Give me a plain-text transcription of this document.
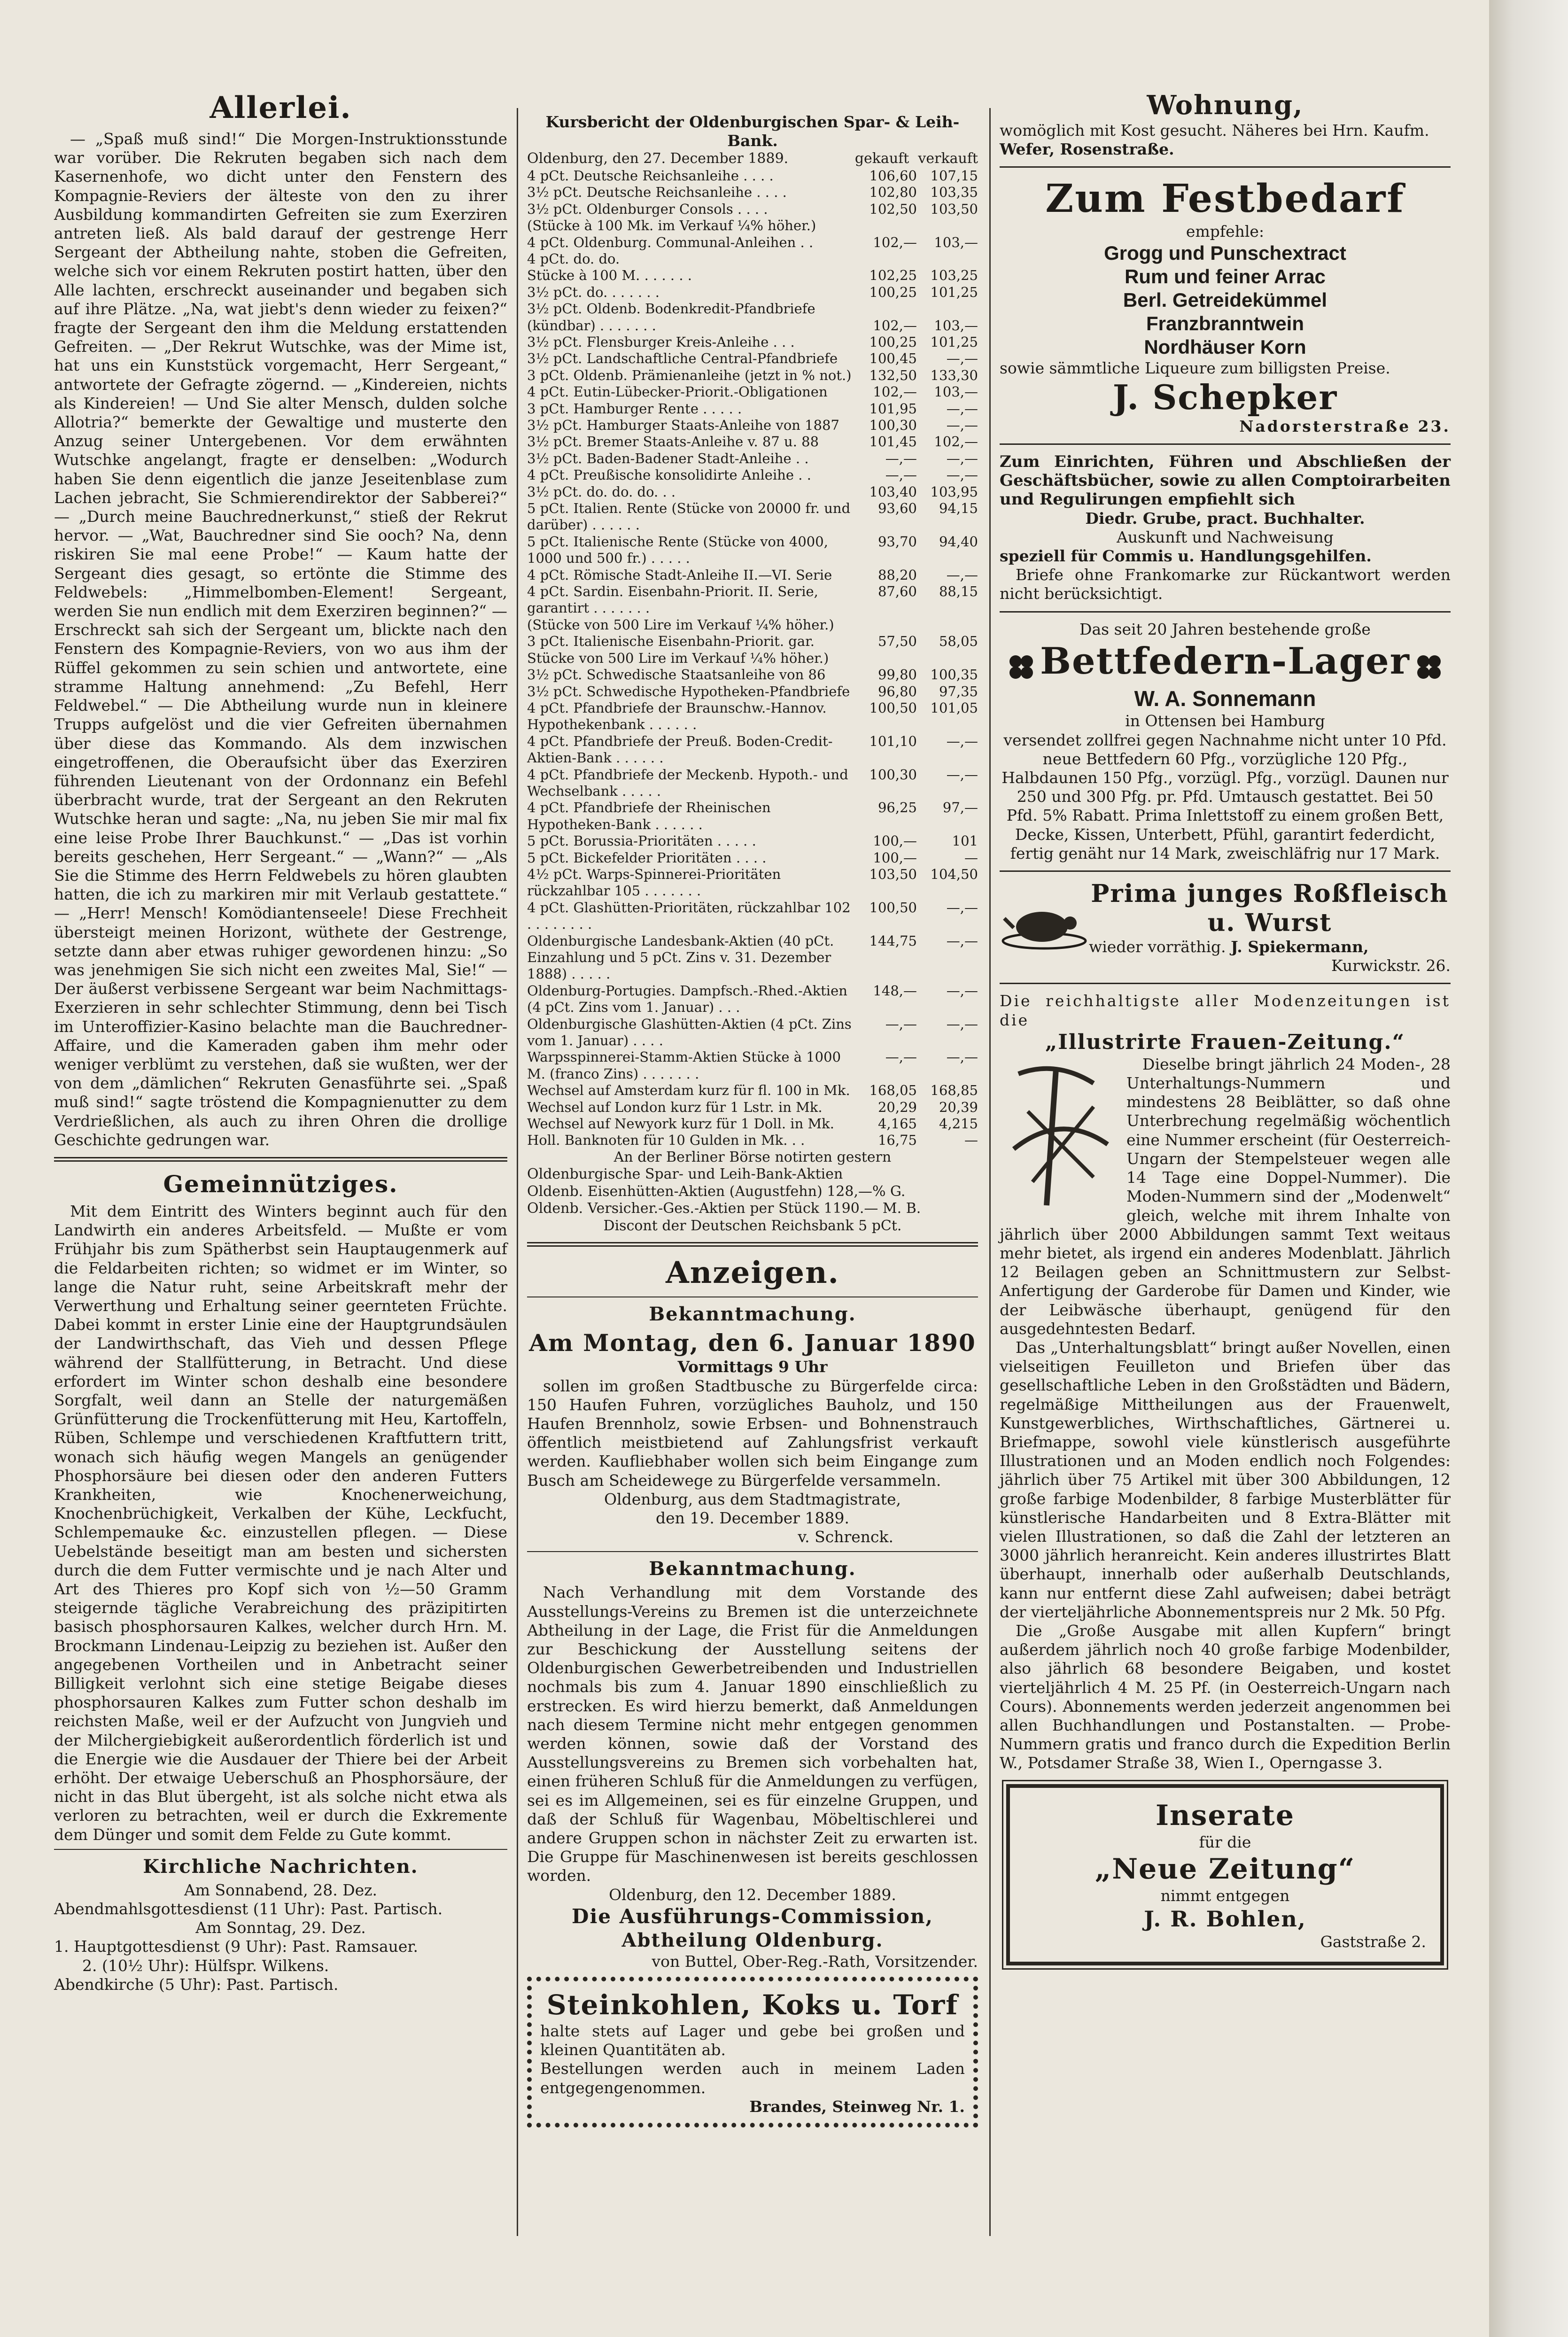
Allerlei.

— „Spaß muß sind!“ Die Morgen-Instruktionsstunde war vorüber. Die Rekruten begaben sich nach dem Kasernenhofe, wo dicht unter den Fenstern des Kompagnie-Reviers der älteste von den zu ihrer Ausbildung kommandirten Gefreiten sie zum Exerziren antreten ließ. Als bald darauf der gestrenge Herr Sergeant der Abtheilung nahte, stoben die Gefreiten, welche sich vor einem Rekruten postirt hatten, über den Alle lachten, erschreckt auseinander und begaben sich auf ihre Plätze. „Na, wat jiebt's denn wieder zu feixen?“ fragte der Sergeant den ihm die Meldung erstattenden Gefreiten. — „Der Rekrut Wutschke, was der Mime ist, hat uns ein Kunststück vorgemacht, Herr Sergeant,“ antwortete der Gefragte zögernd. — „Kindereien, nichts als Kindereien! — Und Sie alter Mensch, dulden solche Allotria?“ bemerkte der Gewaltige und musterte den Anzug seiner Untergebenen. Vor dem erwähnten Wutschke angelangt, fragte er denselben: „Wodurch haben Sie denn eigentlich die janze Jeseitenblase zum Lachen jebracht, Sie Schmierendirektor der Sabberei?“ — „Durch meine Bauchrednerkunst,“ stieß der Rekrut hervor. — „Wat, Bauchredner sind Sie ooch? Na, denn riskiren Sie mal eene Probe!“ — Kaum hatte der Sergeant dies gesagt, so ertönte die Stimme des Feldwebels: „Himmelbomben-Element! Sergeant, werden Sie nun endlich mit dem Exerziren beginnen?“ — Erschreckt sah sich der Sergeant um, blickte nach den Fenstern des Kompagnie-Reviers, von wo aus ihm der Rüffel gekommen zu sein schien und antwortete, eine stramme Haltung annehmend: „Zu Befehl, Herr Feldwebel.“ — Die Abtheilung wurde nun in kleinere Trupps aufgelöst und die vier Gefreiten übernahmen über diese das Kommando. Als dem inzwischen eingetroffenen, die Oberaufsicht über das Exerziren führenden Lieutenant von der Ordonnanz ein Befehl überbracht wurde, trat der Sergeant an den Rekruten Wutschke heran und sagte: „Na, nu jeben Sie mir mal fix eine leise Probe Ihrer Bauchkunst.“ — „Das ist vorhin bereits geschehen, Herr Sergeant.“ — „Wann?“ — „Als Sie die Stimme des Herrn Feldwebels zu hören glaubten hatten, die ich zu markiren mir mit Verlaub gestattete.“ — „Herr! Mensch! Komödiantenseele! Diese Frechheit übersteigt meinen Horizont, wüthete der Gestrenge, setzte dann aber etwas ruhiger gewordenen hinzu: „So was jenehmigen Sie sich nicht een zweites Mal, Sie!“ — Der äußerst verbissene Sergeant war beim Nachmittags-Exerzieren in sehr schlechter Stimmung, denn bei Tisch im Unteroffizier-Kasino belachte man die Bauchredner-Affaire, und die Kameraden gaben ihm mehr oder weniger verblümt zu verstehen, daß sie wußten, wer der von dem „dämlichen“ Rekruten Genasführte sei. „Spaß muß sind!“ sagte tröstend die Kompagnienutter zu dem Verdrießlichen, als auch zu ihren Ohren die drollige Geschichte gedrungen war.

Gemeinnütziges.

Mit dem Eintritt des Winters beginnt auch für den Landwirth ein anderes Arbeitsfeld. — Mußte er vom Frühjahr bis zum Spätherbst sein Hauptaugenmerk auf die Feldarbeiten richten; so widmet er im Winter, so lange die Natur ruht, seine Arbeitskraft mehr der Verwerthung und Erhaltung seiner geernteten Früchte. Dabei kommt in erster Linie eine der Hauptgrundsäulen der Landwirthschaft, das Vieh und dessen Pflege während der Stallfütterung, in Betracht. Und diese erfordert im Winter schon deshalb eine besondere Sorgfalt, weil dann an Stelle der naturgemäßen Grünfütterung die Trockenfütterung mit Heu, Kartoffeln, Rüben, Schlempe und verschiedenen Kraftfuttern tritt, wonach sich häufig wegen Mangels an genügender Phosphorsäure bei diesen oder den anderen Futters Krankheiten, wie Knochenerweichung, Knochenbrüchigkeit, Verkalben der Kühe, Leckfucht, Schlempemauke &c. einzustellen pflegen. — Diese Uebelstände beseitigt man am besten und sichersten durch die dem Futter vermischte und je nach Alter und Art des Thieres pro Kopf sich von ½—50 Gramm steigernde tägliche Verabreichung des präzipitirten basisch phosphorsauren Kalkes, welcher durch Hrn. M. Brockmann Lindenau-Leipzig zu beziehen ist. Außer den angegebenen Vortheilen und in Anbetracht seiner Billigkeit verlohnt sich eine stetige Beigabe dieses phosphorsauren Kalkes zum Futter schon deshalb im reichsten Maße, weil er der Aufzucht von Jungvieh und der Milchergiebigkeit außerordentlich förderlich ist und die Energie wie die Ausdauer der Thiere bei der Arbeit erhöht. Der etwaige Ueberschuß an Phosphorsäure, der nicht in das Blut übergeht, ist als solche nicht etwa als verloren zu betrachten, weil er durch die Exkremente dem Dünger und somit dem Felde zu Gute kommt.

Kirchliche Nachrichten.
Am Sonnabend, 28. Dez.
Abendmahlsgottesdienst (11 Uhr): Past. Partisch.
Am Sonntag, 29. Dez.
1. Hauptgottesdienst (9 Uhr): Past. Ramsauer.
2. (10½ Uhr): Hülfspr. Wilkens.
Abendkirche (5 Uhr): Past. Partisch.
Kursbericht der Oldenburgischen Spar- & Leih-Bank.
Oldenburg, den 27. December 1889.	gekauft verkauft
4 pCt. Deutsche Reichsanleihe . . . .	106,60 107,15
3½ pCt. Deutsche Reichsanleihe . . . .	102,80 103,35
3½ pCt. Oldenburger Consols . . . .	102,50 103,50
(Stücke à 100 Mk. im Verkauf ¼% höher.)
4 pCt. Oldenburg. Communal-Anleihen . .	102,—	103,—
4 pCt. do. do.
Stücke à 100 M. . . . . . .	102,25 103,25
3½ pCt. do. . . . . . .	100,25 101,25
3½ pCt. Oldenb. Bodenkredit-Pfandbriefe
(kündbar) . . . . . . .	102,—	103,—
3½ pCt. Flensburger Kreis-Anleihe . . .	100,25 101,25
3½ pCt. Landschaftliche Central-Pfandbriefe	100,45	—,—
3 pCt. Oldenb. Prämienanleihe (jetzt in % not.)	132,50 133,30
4 pCt. Eutin-Lübecker-Priorit.-Obligationen	102,—	103,—
3 pCt. Hamburger Rente . . . . .	101,95	—,—
3½ pCt. Hamburger Staats-Anleihe von 1887	100,30	—,—
3½ pCt. Bremer Staats-Anleihe v. 87 u. 88	101,45	102,—
3½ pCt. Baden-Badener Stadt-Anleihe . .	—,—	—,—
4 pCt. Preußische konsolidirte Anleihe . .	—,—	—,—
3½ pCt. do. do. do. . .	103,40 103,95
5 pCt. Italien. Rente (Stücke von 20000 fr. und darüber) . . . . . .
93,60	94,15
5 pCt. Italienische Rente (Stücke von 4000, 1000 und 500 fr.) . . . . .
93,70	94,40
4 pCt. Römische Stadt-Anleihe II.—VI. Serie	88,20	—,—
4 pCt. Sardin. Eisenbahn-Priorit. II. Serie, garantirt . . . . . . .
87,60	88,15
(Stücke von 500 Lire im Verkauf ¼% höher.)
3 pCt. Italienische Eisenbahn-Priorit. gar.	57,50	58,05
Stücke von 500 Lire im Verkauf ¼% höher.)
3½ pCt. Schwedische Staatsanleihe von 86	99,80 100,35
3½ pCt. Schwedische Hypotheken-Pfandbriefe	96,80	97,35
4 pCt. Pfandbriefe der Braunschw.-Hannov. Hypothekenbank . . . . . .
100,50 101,05
4 pCt. Pfandbriefe der Preuß. Boden-Credit-Aktien-Bank . . . . . .
101,10	—,—
4 pCt. Pfandbriefe der Meckenb. Hypoth.- und Wechselbank . . . . .
100,30	—,—
4 pCt. Pfandbriefe der Rheinischen Hypotheken-Bank . . . . . .
96,25	97,—
5 pCt. Borussia-Prioritäten . . . . .	100,—	101
5 pCt. Bickefelder Prioritäten . . . .	100,—	—
4½ pCt. Warps-Spinnerei-Prioritäten rückzahlbar 105 . . . . . . .
103,50 104,50
4 pCt. Glashütten-Prioritäten, rückzahlbar 102 . . . . . . . .
100,50	—,—
Oldenburgische Landesbank-Aktien (40 pCt. Einzahlung und 5 pCt. Zins v. 31. Dezember 1888) . . . . .
144,75	—,—
Oldenburg-Portugies. Dampfsch.-Rhed.-Aktien (4 pCt. Zins vom 1. Januar) . . .
148,—	—,—
Oldenburgische Glashütten-Aktien (4 pCt. Zins vom 1. Januar) . . . .
—,—	—,—
Warpsspinnerei-Stamm-Aktien Stücke à 1000 M. (franco Zins) . . . . . . .
—,—	—,—
Wechsel auf Amsterdam kurz für fl. 100 in Mk.	168,05 168,85
Wechsel auf London kurz für 1 Lstr. in Mk.	20,29	20,39
Wechsel auf Newyork kurz für 1 Doll. in Mk.	4,165	4,215
Holl. Banknoten für 10 Gulden in Mk. . .	16,75	—
An der Berliner Börse notirten gestern
Oldenburgische Spar- und Leih-Bank-Aktien
Oldenb. Eisenhütten-Aktien (Augustfehn) 128,—% G.
Oldenb. Versicher.-Ges.-Aktien per Stück 1190.— M. B.
Discont der Deutschen Reichsbank 5 pCt.
Anzeigen.
Bekanntmachung.
Am Montag, den 6. Januar 1890
Vormittags 9 Uhr

sollen im großen Stadtbusche zu Bürgerfelde circa: 150 Haufen Fuhren, vorzügliches Bauholz, und 150 Haufen Brennholz, sowie Erbsen- und Bohnenstrauch öffentlich meistbietend auf Zahlungsfrist verkauft werden. Kaufliebhaber wollen sich beim Eingange zum Busch am Scheidewege zu Bürgerfelde versammeln.

Oldenburg, aus dem Stadtmagistrate,
den 19. December 1889.
v. Schrenck.
Bekanntmachung.

Nach Verhandlung mit dem Vorstande des Ausstellungs-Vereins zu Bremen ist die unterzeichnete Abtheilung in der Lage, die Frist für die Anmeldungen zur Beschickung der Ausstellung seitens der Oldenburgischen Gewerbetreibenden und Industriellen nochmals bis zum 4. Januar 1890 einschließlich zu erstrecken. Es wird hierzu bemerkt, daß Anmeldungen nach diesem Termine nicht mehr entgegen genommen werden können, sowie daß der Vorstand des Ausstellungsvereins zu Bremen sich vorbehalten hat, einen früheren Schluß für die Anmeldungen zu verfügen, sei es im Allgemeinen, sei es für einzelne Gruppen, und daß der Schluß für Wagenbau, Möbeltischlerei und andere Gruppen schon in nächster Zeit zu erwarten ist. Die Gruppe für Maschinenwesen ist bereits geschlossen worden.

Oldenburg, den 12. December 1889.
Die Ausführungs-Commission,
Abtheilung Oldenburg.
von Buttel, Ober-Reg.-Rath, Vorsitzender.
Steinkohlen, Koks u. Torf
halte stets auf Lager und gebe bei großen und kleinen Quantitäten ab.
Bestellungen werden auch in meinem Laden entgegengenommen.
Brandes, Steinweg Nr. 1.
Wohnung,
womöglich mit Kost gesucht. Näheres bei Hrn. Kaufm.
Wefer, Rosenstraße.
Zum Festbedarf
empfehle:
Grogg und Punschextract
Rum und feiner Arrac
Berl. Getreidekümmel
Franzbranntwein
Nordhäuser Korn
sowie sämmtliche Liqueure zum billigsten Preise.
J. Schepker
Nadorsterstraße 23.
Zum Einrichten, Führen und Abschließen der Geschäftsbücher, sowie zu allen Comptoirarbeiten und Regulirungen empfiehlt sich
Diedr. Grube, pract. Buchhalter.
Auskunft und Nachweisung
speziell für Commis u. Handlungsgehilfen.
Briefe ohne Frankomarke zur Rückantwort werden nicht berücksichtigt.
Das seit 20 Jahren bestehende große
Bettfedern-Lager
W. A. Sonnemann
in Ottensen bei Hamburg
versendet zollfrei gegen Nachnahme nicht unter 10 Pfd. neue Bettfedern 60 Pfg., vorzügliche 120 Pfg., Halbdaunen 150 Pfg., vorzügl. Pfg., vorzügl. Daunen nur 250 und 300 Pfg. pr. Pfd. Umtausch gestattet. Bei 50 Pfd. 5% Rabatt. Prima Inlettstoff zu einem großen Bett, Decke, Kissen, Unterbett, Pfühl, garantirt federdicht, fertig genäht nur 14 Mark, zweischläfrig nur 17 Mark.
Prima junges Roßfleisch u. Wurst
wieder vorräthig. J. Spiekermann,
Kurwickstr. 26.
Die reichhaltigste aller Modenzeitungen ist die
„Illustrirte Frauen-Zeitung.“

Dieselbe bringt jährlich 24 Moden-, 28 Unterhaltungs-Nummern und mindestens 28 Beiblätter, so daß ohne Unterbrechung regelmäßig wöchentlich eine Nummer erscheint (für Oesterreich-Ungarn der Stempelsteuer wegen alle 14 Tage eine Doppel-Nummer). Die Moden-Nummern sind der „Modenwelt“ gleich, welche mit ihrem Inhalte von jährlich über 2000 Abbildungen sammt Text weitaus mehr bietet, als irgend ein anderes Modenblatt. Jährlich 12 Beilagen geben an Schnittmustern zur Selbst-Anfertigung der Garderobe für Damen und Kinder, wie der Leibwäsche überhaupt, genügend für den ausgedehntesten Bedarf.

Das „Unterhaltungsblatt“ bringt außer Novellen, einen vielseitigen Feuilleton und Briefen über das gesellschaftliche Leben in den Großstädten und Bädern, regelmäßige Mittheilungen aus der Frauenwelt, Kunstgewerbliches, Wirthschaftliches, Gärtnerei u. Briefmappe, sowohl viele künstlerisch ausgeführte Illustrationen und an Moden endlich noch Folgendes: jährlich über 75 Artikel mit über 300 Abbildungen, 12 große farbige Modenbilder, 8 farbige Musterblätter für künstlerische Handarbeiten und 8 Extra-Blätter mit vielen Illustrationen, so daß die Zahl der letzteren an 3000 jährlich heranreicht. Kein anderes illustrirtes Blatt überhaupt, innerhalb oder außerhalb Deutschlands, kann nur entfernt diese Zahl aufweisen; dabei beträgt der vierteljährliche Abonnementspreis nur 2 Mk. 50 Pfg.

Die „Große Ausgabe mit allen Kupfern“ bringt außerdem jährlich noch 40 große farbige Modenbilder, also jährlich 68 besondere Beigaben, und kostet vierteljährlich 4 M. 25 Pf. (in Oesterreich-Ungarn nach Cours). Abonnements werden jederzeit angenommen bei allen Buchhandlungen und Postanstalten. — Probe-Nummern gratis und franco durch die Expedition Berlin W., Potsdamer Straße 38, Wien I., Operngasse 3.

Inserate
für die
„Neue Zeitung“
nimmt entgegen
J. R. Bohlen,
Gaststraße 2.
